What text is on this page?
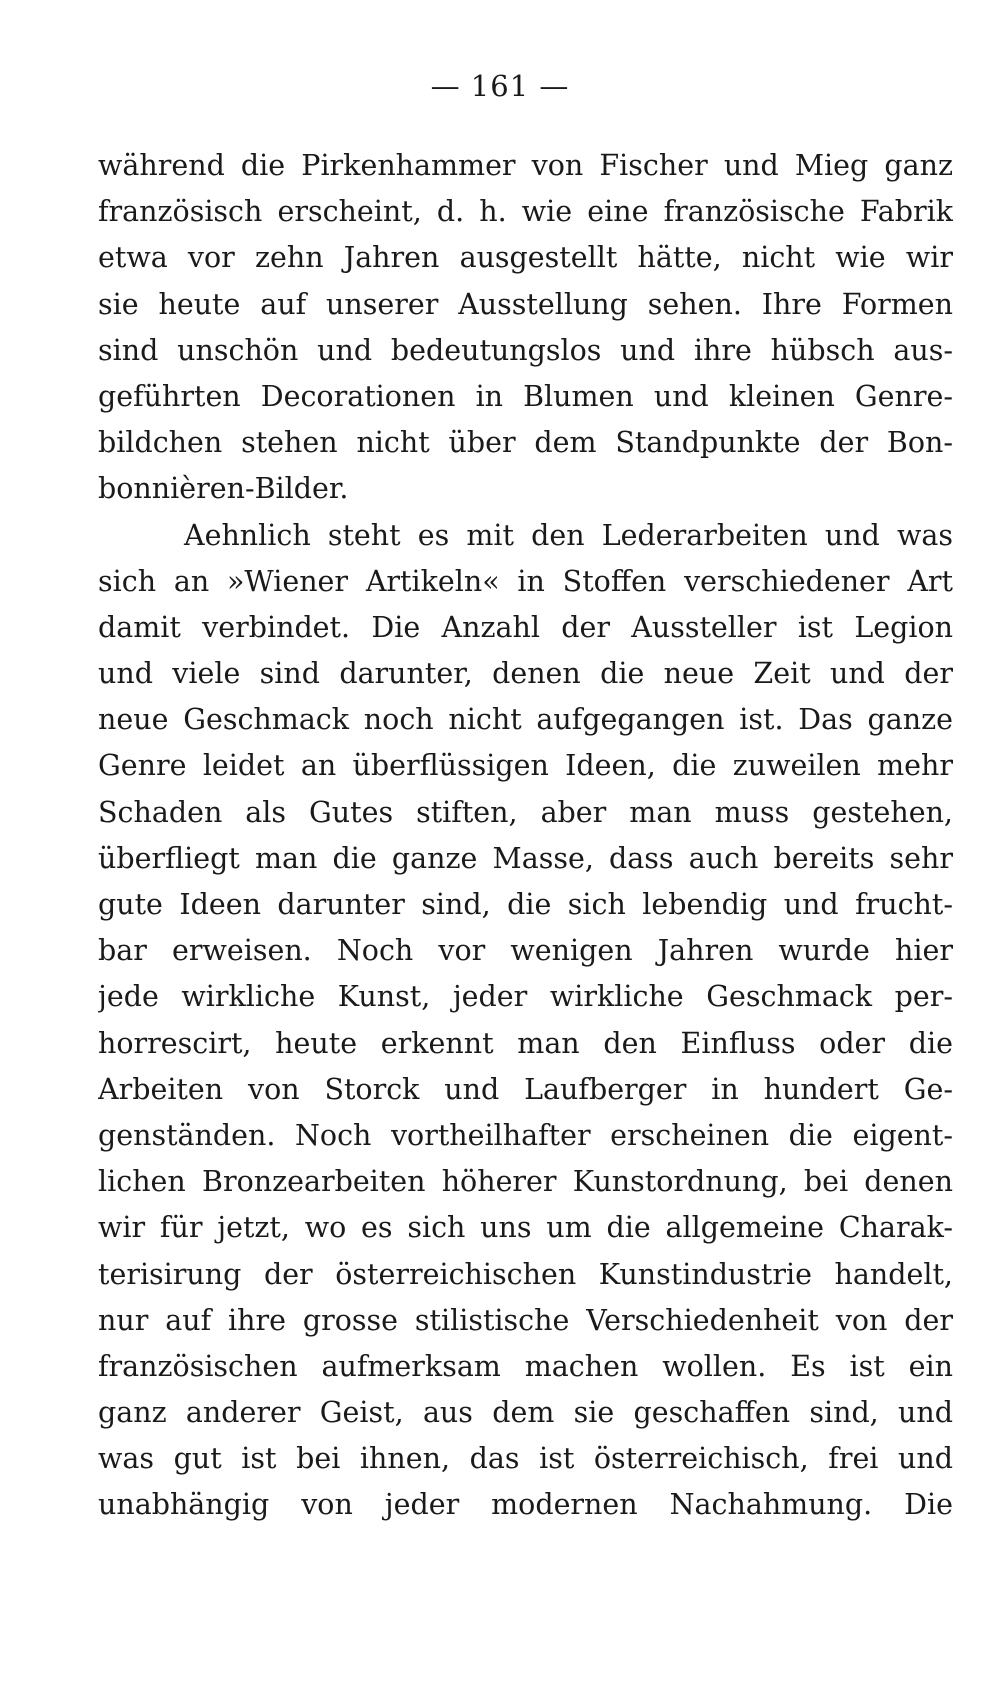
— 161 —
während die Pirkenhammer von Fischer und Mieg ganz
französisch erscheint, d. h. wie eine französische Fabrik
etwa vor zehn Jahren ausgestellt hätte, nicht wie wir
sie heute auf unserer Ausstellung sehen. Ihre Formen
sind unschön und bedeutungslos und ihre hübsch aus-
geführten Decorationen in Blumen und kleinen Genre-
bildchen stehen nicht über dem Standpunkte der Bon-
bonnièren-Bilder.
Aehnlich steht es mit den Lederarbeiten und was
sich an »Wiener Artikeln« in Stoffen verschiedener Art
damit verbindet. Die Anzahl der Aussteller ist Legion
und viele sind darunter, denen die neue Zeit und der
neue Geschmack noch nicht aufgegangen ist. Das ganze
Genre leidet an überflüssigen Ideen, die zuweilen mehr
Schaden als Gutes stiften, aber man muss gestehen,
überfliegt man die ganze Masse, dass auch bereits sehr
gute Ideen darunter sind, die sich lebendig und frucht-
bar erweisen. Noch vor wenigen Jahren wurde hier
jede wirkliche Kunst, jeder wirkliche Geschmack per-
horrescirt, heute erkennt man den Einfluss oder die
Arbeiten von Storck und Laufberger in hundert Ge-
genständen. Noch vortheilhafter erscheinen die eigent-
lichen Bronzearbeiten höherer Kunstordnung, bei denen
wir für jetzt, wo es sich uns um die allgemeine Charak-
terisirung der österreichischen Kunstindustrie handelt,
nur auf ihre grosse stilistische Verschiedenheit von der
französischen aufmerksam machen wollen. Es ist ein
ganz anderer Geist, aus dem sie geschaffen sind, und
was gut ist bei ihnen, das ist österreichisch, frei und
unabhängig von jeder modernen Nachahmung. Die
